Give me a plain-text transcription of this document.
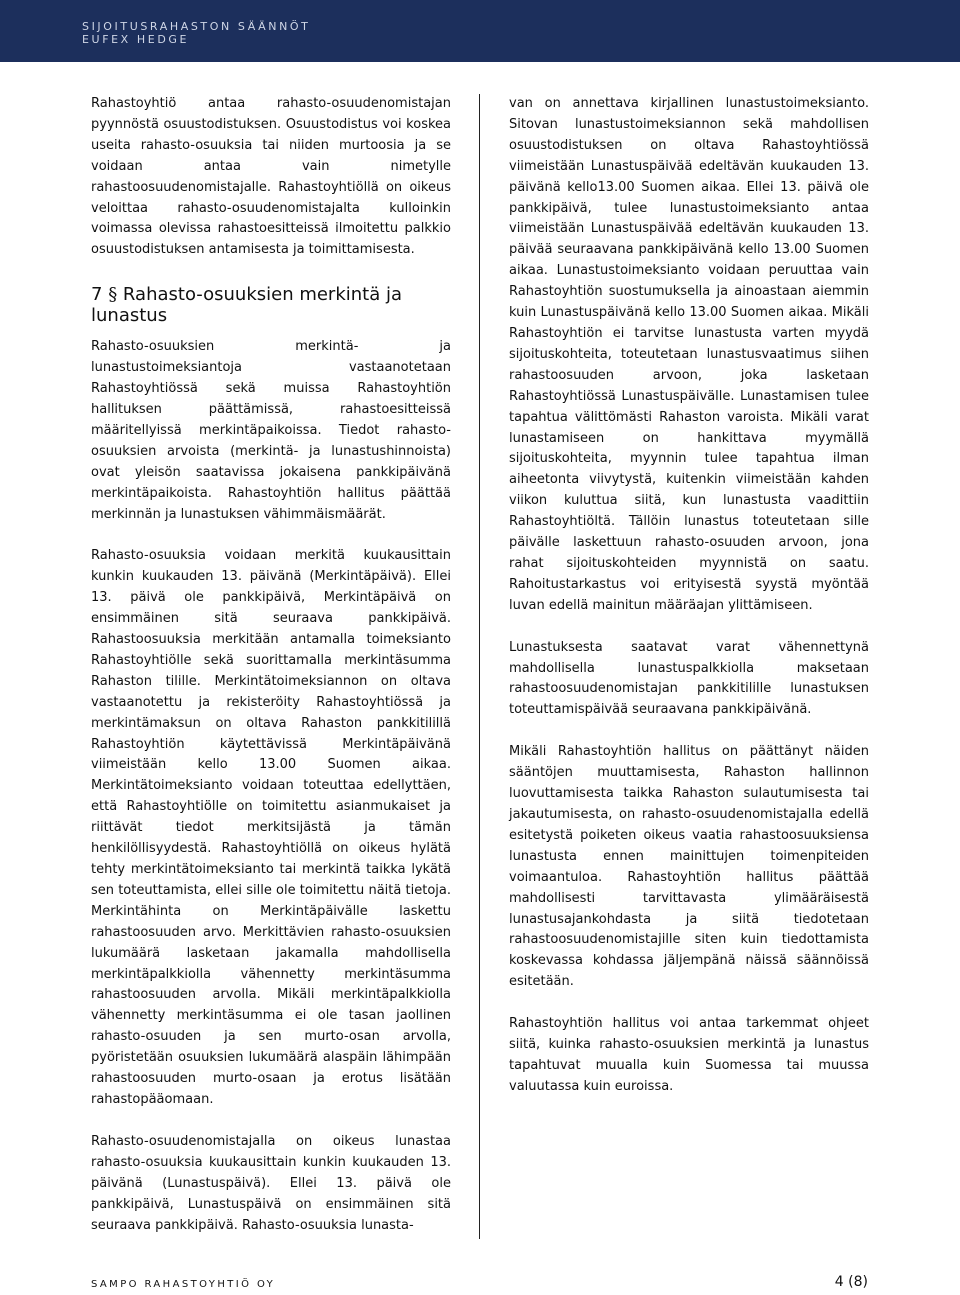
SIJOITUSRAHASTON SÄÄNNÖT
EUFEX HEDGE

Rahastoyhtiö antaa rahasto-osuudenomistajan pyynnöstä osuustodistuksen. Osuustodistus voi koskea useita rahasto-osuuksia tai niiden murtoosia ja se voidaan antaa vain nimetylle rahastoosuudenomistajalle. Rahastoyhtiöllä on oikeus veloittaa rahasto-osuudenomistajalta kulloinkin voimassa olevissa rahastoesitteissä ilmoitettu palkkio osuustodistuksen antamisesta ja toimittamisesta.

7 § Rahasto-osuuksien merkintä ja lunastus

Rahasto-osuuksien merkintä- ja lunastustoimeksiantoja vastaanotetaan Rahastoyhtiössä sekä muissa Rahastoyhtiön hallituksen päättämissä, rahastoesitteissä määritellyissä merkintäpaikoissa. Tiedot rahasto-osuuksien arvoista (merkintä- ja lunastushinnoista) ovat yleisön saatavissa jokaisena pankkipäivänä merkintäpaikoista. Rahastoyhtiön hallitus päättää merkinnän ja lunastuksen vähimmäismäärät.

Rahasto-osuuksia voidaan merkitä kuukausittain kunkin kuukauden 13. päivänä (Merkintäpäivä). Ellei 13. päivä ole pankkipäivä, Merkintäpäivä on ensimmäinen sitä seuraava pankkipäivä. Rahastoosuuksia merkitään antamalla toimeksianto Rahastoyhtiölle sekä suorittamalla merkintäsumma Rahaston tilille. Merkintätoimeksiannon on oltava vastaanotettu ja rekisteröity Rahastoyhtiössä ja merkintämaksun on oltava Rahaston pankkitilillä Rahastoyhtiön käytettävissä Merkintäpäivänä viimeistään kello 13.00 Suomen aikaa. Merkintätoimeksianto voidaan toteuttaa edellyttäen, että Rahastoyhtiölle on toimitettu asianmukaiset ja riittävät tiedot merkitsijästä ja tämän henkilöllisyydestä. Rahastoyhtiöllä on oikeus hylätä tehty merkintätoimeksianto tai merkintä taikka lykätä sen toteuttamista, ellei sille ole toimitettu näitä tietoja. Merkintähinta on Merkintäpäivälle laskettu rahastoosuuden arvo. Merkittävien rahasto-osuuksien lukumäärä lasketaan jakamalla mahdollisella merkintäpalkkiolla vähennetty merkintäsumma rahastoosuuden arvolla. Mikäli merkintäpalkkiolla vähennetty merkintäsumma ei ole tasan jaollinen rahasto-osuuden ja sen murto-osan arvolla, pyöristetään osuuksien lukumäärä alaspäin lähimpään rahastoosuuden murto-osaan ja erotus lisätään rahastopääomaan.

Rahasto-osuudenomistajalla on oikeus lunastaa rahasto-osuuksia kuukausittain kunkin kuukauden 13. päivänä (Lunastuspäivä). Ellei 13. päivä ole pankkipäivä, Lunastuspäivä on ensimmäinen sitä seuraava pankkipäivä. Rahasto-osuuksia lunasta-

van on annettava kirjallinen lunastustoimeksianto. Sitovan lunastustoimeksiannon sekä mahdollisen osuustodistuksen on oltava Rahastoyhtiössä viimeistään Lunastuspäivää edeltävän kuukauden 13. päivänä kello13.00 Suomen aikaa. Ellei 13. päivä ole pankkipäivä, tulee lunastustoimeksianto antaa viimeistään Lunastuspäivää edeltävän kuukauden 13. päivää seuraavana pankkipäivänä kello 13.00 Suomen aikaa. Lunastustoimeksianto voidaan peruuttaa vain Rahastoyhtiön suostumuksella ja ainoastaan aiemmin kuin Lunastuspäivänä kello 13.00 Suomen aikaa. Mikäli Rahastoyhtiön ei tarvitse lunastusta varten myydä sijoituskohteita, toteutetaan lunastusvaatimus siihen rahastoosuuden arvoon, joka lasketaan Rahastoyhtiössä Lunastuspäivälle. Lunastamisen tulee tapahtua välittömästi Rahaston varoista. Mikäli varat lunastamiseen on hankittava myymällä sijoituskohteita, myynnin tulee tapahtua ilman aiheetonta viivytystä, kuitenkin viimeistään kahden viikon kuluttua siitä, kun lunastusta vaadittiin Rahastoyhtiöltä. Tällöin lunastus toteutetaan sille päivälle laskettuun rahasto-osuuden arvoon, jona rahat sijoituskohteiden myynnistä on saatu. Rahoitustarkastus voi erityisestä syystä myöntää luvan edellä mainitun määräajan ylittämiseen.

Lunastuksesta saatavat varat vähennettynä mahdollisella lunastuspalkkiolla maksetaan rahastoosuudenomistajan pankkitilille lunastuksen toteuttamispäivää seuraavana pankkipäivänä.

Mikäli Rahastoyhtiön hallitus on päättänyt näiden sääntöjen muuttamisesta, Rahaston hallinnon luovuttamisesta taikka Rahaston sulautumisesta tai jakautumisesta, on rahasto-osuudenomistajalla edellä esitetystä poiketen oikeus vaatia rahastoosuuksiensa lunastusta ennen mainittujen toimenpiteiden voimaantuloa. Rahastoyhtiön hallitus päättää mahdollisesti tarvittavasta ylimääräisestä lunastusajankohdasta ja siitä tiedotetaan rahastoosuudenomistajille siten kuin tiedottamista koskevassa kohdassa jäljempänä näissä säännöissä esitetään.

Rahastoyhtiön hallitus voi antaa tarkemmat ohjeet siitä, kuinka rahasto-osuuksien merkintä ja lunastus tapahtuvat muualla kuin Suomessa tai muussa valuutassa kuin euroissa.

SAMPO RAHASTOYHTIÖ OY	4 (8)
